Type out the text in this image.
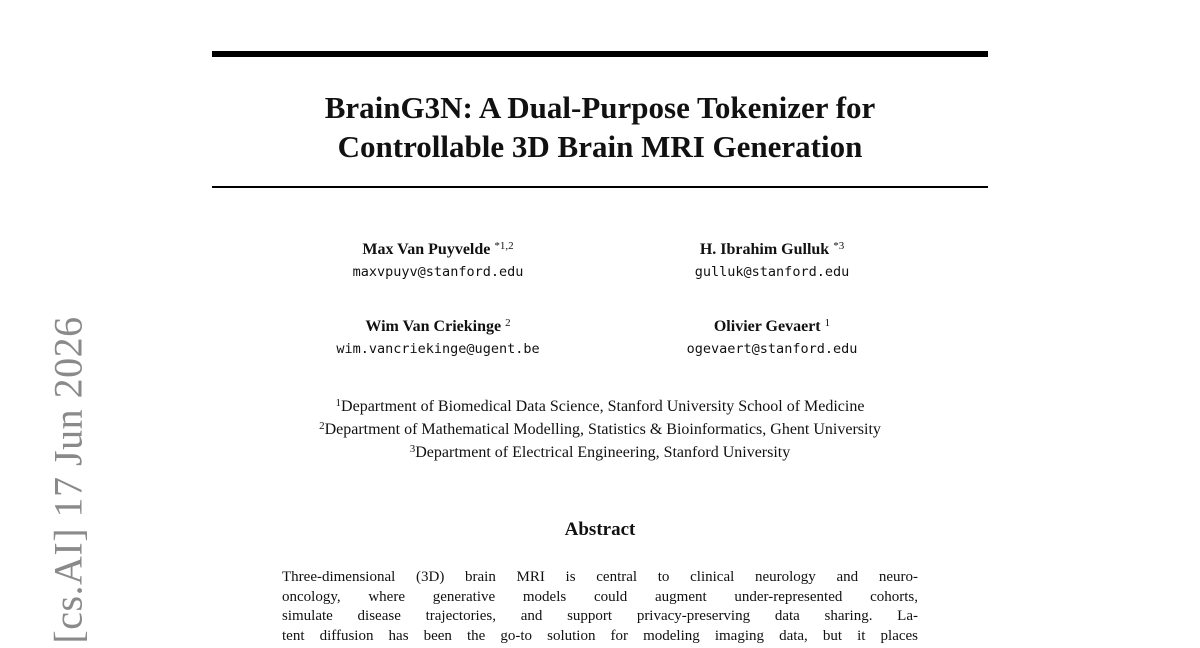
[cs.AI] 17 Jun 2026
BrainG3N: A Dual-Purpose Tokenizer for
Controllable 3D Brain MRI Generation
Max Van Puyvelde $^{*1,2}$
maxvpuyv@stanford.edu
H. Ibrahim Gulluk $^{*3}$
gulluk@stanford.edu
Wim Van Criekinge $^2$
wim.vancriekinge@ugent.be
Olivier Gevaert $^1$
ogevaert@stanford.edu
$^1$Department of Biomedical Data Science, Stanford University School of Medicine
$^2$Department of Mathematical Modelling, Statistics & Bioinformatics, Ghent University
$^3$Department of Electrical Engineering, Stanford University
Abstract
Three-dimensional (3D) brain MRI is central to clinical neurology and neuro-
oncology, where generative models could augment under-represented cohorts,
simulate disease trajectories, and support privacy-preserving data sharing. La-
tent diffusion has been the go-to solution for modeling imaging data, but it places
